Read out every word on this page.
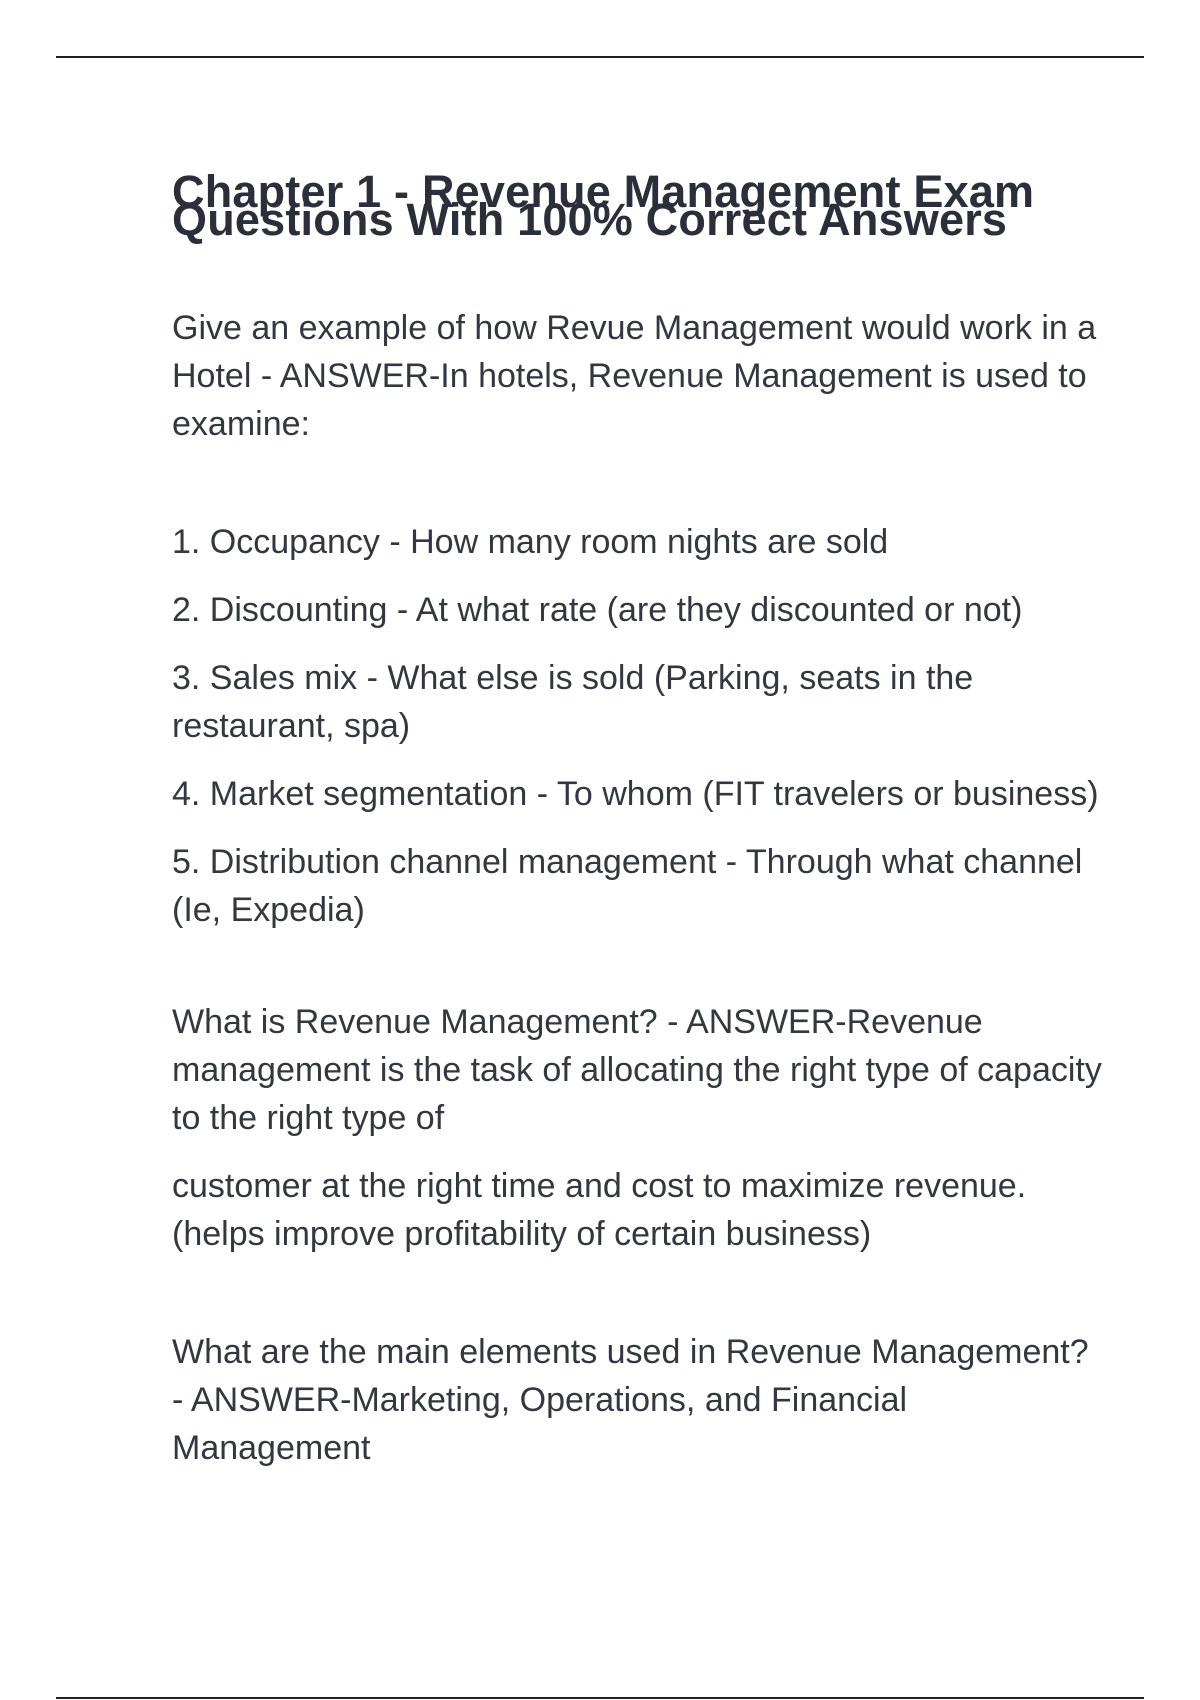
Chapter 1 - Revenue Management Exam Questions With 100% Correct Answers

Give an example of how Revue Management would work in a Hotel - ANSWER-In hotels, Revenue Management is used to examine:

1. Occupancy - How many room nights are sold
2. Discounting - At what rate (are they discounted or not)
3. Sales mix - What else is sold (Parking, seats in the restaurant, spa)
4. Market segmentation - To whom (FIT travelers or business)
5. Distribution channel management - Through what channel (Ie, Expedia)

What is Revenue Management? - ANSWER-Revenue management is the task of allocating the right type of capacity to the right type of

customer at the right time and cost to maximize revenue. (helps improve profitability of certain business)

What are the main elements used in Revenue Management? - ANSWER-Marketing, Operations, and Financial Management
